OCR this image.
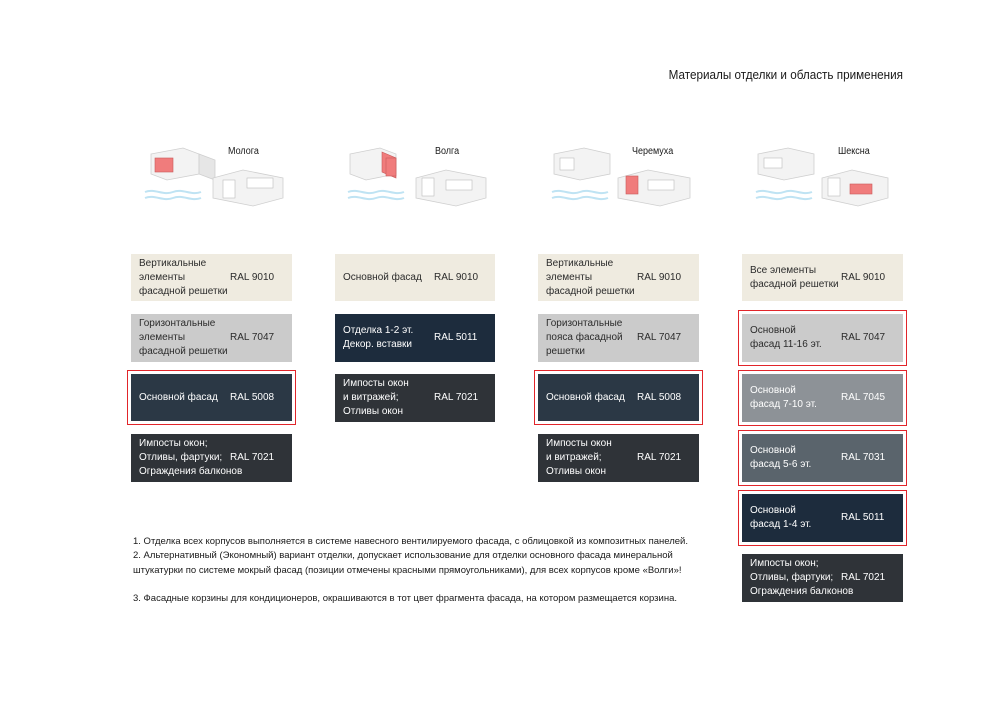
Материалы отделки и область применения
Молога
Вертикальные
элементы
фасадной решетки
RAL 9010
Горизонтальные
элементы
фасадной решетки
RAL 7047
Основной фасад RAL 5008
Импосты окон;
Отливы, фартуки;
Ограждения балконов
RAL 7021
Волга
Основной фасад RAL 9010
Отделка 1-2 эт.
Декор. вставки
RAL 5011
Импосты окон
и витражей;
Отливы окон
RAL 7021
Черемуха
Вертикальные
элементы
фасадной решетки
RAL 9010
Горизонтальные
пояса фасадной
решетки
RAL 7047
Основной фасад RAL 5008
Импосты окон
и витражей;
Отливы окон
RAL 7021
Шексна
Все элементы
фасадной решетки
RAL 9010
Основной
фасад 11-16 эт.
RAL 7047
Основной
фасад 7-10 эт.
RAL 7045
Основной
фасад 5-6 эт.
RAL 7031
Основной
фасад 1-4 эт.
RAL 5011
Импосты окон;
Отливы, фартуки;
Ограждения балконов
RAL 7021

1. Отделка всех корпусов выполняется в системе навесного вентилируемого фасада, с облицовкой из композитных панелей.

2. Альтернативный (Экономный) вариант отделки, допускает использование для отделки основного фасада минеральной

штукатурки по системе мокрый фасад (позиции отмечены красными прямоугольниками), для всех корпусов кроме «Волги»!

3. Фасадные корзины для кондиционеров, окрашиваются в тот цвет фрагмента фасада, на котором размещается корзина.
